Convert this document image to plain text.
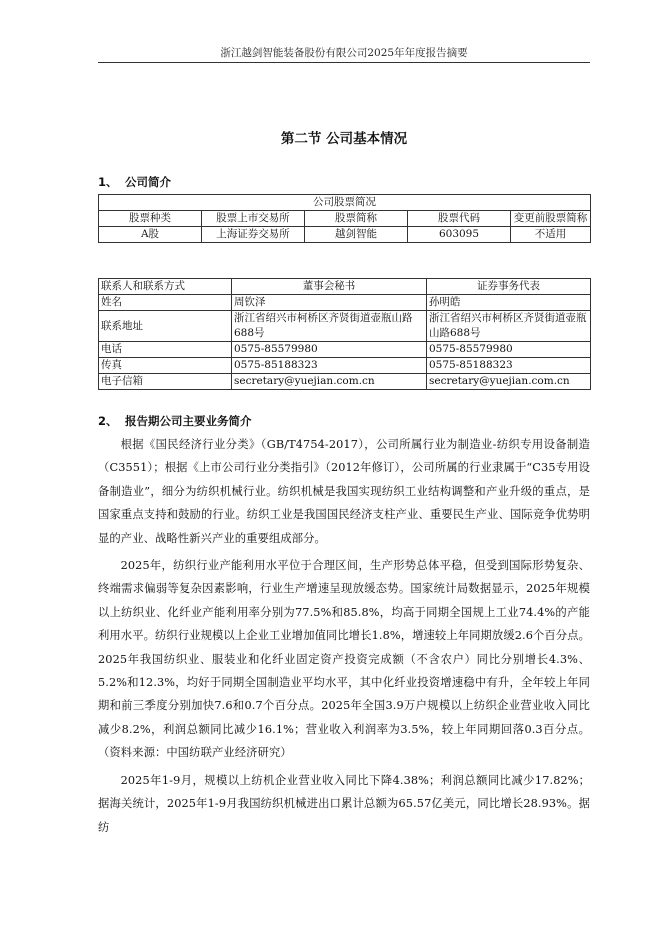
浙江越剑智能装备股份有限公司2025年年度报告摘要
第二节 公司基本情况
1、 公司简介
公司股票简况				
股票种类	股票上市交易所	股票简称	股票代码	变更前股票简称
A股	上海证券交易所	越剑智能	603095	不适用
联系人和联系方式	董事会秘书	证券事务代表
姓名	周钦泽	孙明皓
联系地址	浙江省绍兴市柯桥区齐贤街道壶瓶山路688号	浙江省绍兴市柯桥区齐贤街道壶瓶山路688号
电话	0575-85579980	0575-85579980
传真	0575-85188323	0575-85188323
电子信箱	secretary@yuejian.com.cn	secretary@yuejian.com.cn
2、 报告期公司主要业务简介

根据《国民经济行业分类》（GB/T4754-2017），公司所属行业为制造业-纺织专用设备制造（C3551）；根据《上市公司行业分类指引》（2012年修订），公司所属的行业隶属于“C35专用设备制造业”，细分为纺织机械行业。纺织机械是我国实现纺织工业结构调整和产业升级的重点，是国家重点支持和鼓励的行业。纺织工业是我国国民经济支柱产业、重要民生产业、国际竞争优势明显的产业、战略性新兴产业的重要组成部分。

2025年，纺织行业产能利用水平位于合理区间，生产形势总体平稳，但受到国际形势复杂、终端需求偏弱等复杂因素影响，行业生产增速呈现放缓态势。国家统计局数据显示，2025年规模以上纺织业、化纤业产能利用率分别为77.5%和85.8%，均高于同期全国规上工业74.4%的产能利用水平。纺织行业规模以上企业工业增加值同比增长1.8%，增速较上年同期放缓2.6个百分点。2025年我国纺织业、服装业和化纤业固定资产投资完成额（不含农户）同比分别增长4.3%、5.2%和12.3%，均好于同期全国制造业平均水平，其中化纤业投资增速稳中有升，全年较上年同期和前三季度分别加快7.6和0.7个百分点。2025年全国3.9万户规模以上纺织企业营业收入同比减少8.2%，利润总额同比减少16.1%；营业收入利润率为3.5%，较上年同期回落0.3百分点。（资料来源：中国纺联产业经济研究）

2025年1-9月，规模以上纺机企业营业收入同比下降4.38%；利润总额同比减少17.82%；据海关统计，2025年1-9月我国纺织机械进出口累计总额为65.57亿美元，同比增长28.93%。据纺
